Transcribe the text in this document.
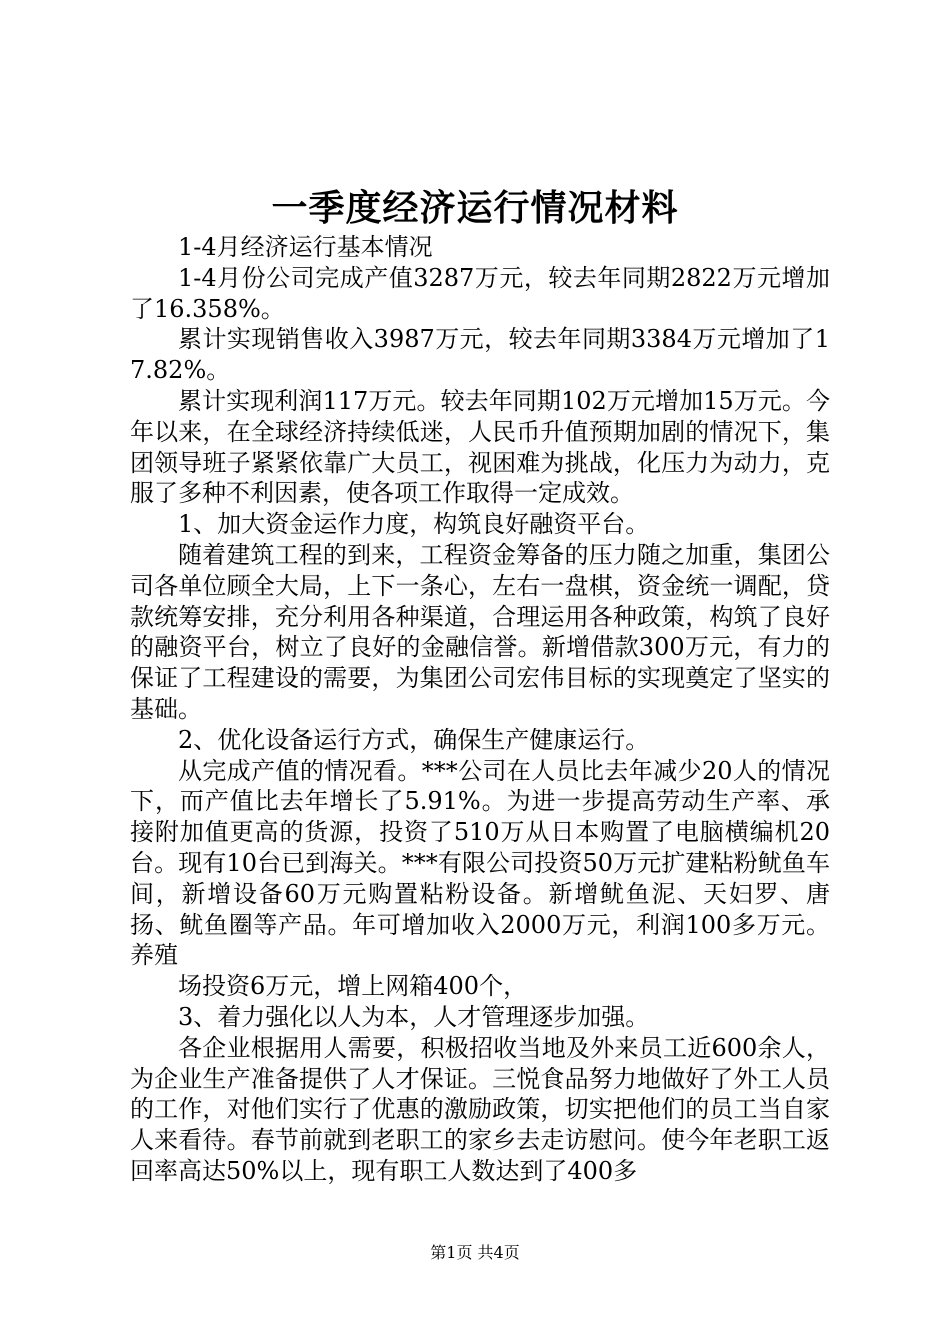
一季度经济运行情况材料

1-4月经济运行基本情况

1-4月份公司完成产值3287万元，较去年同期2822万元增加了16.358%。

累计实现销售收入3987万元，较去年同期3384万元增加了17.82%。

累计实现利润117万元。较去年同期102万元增加15万元。今年以来，在全球经济持续低迷，人民币升值预期加剧的情况下，集团领导班子紧紧依靠广大员工，视困难为挑战，化压力为动力，克服了多种不利因素，使各项工作取得一定成效。

1、加大资金运作力度，构筑良好融资平台。

随着建筑工程的到来，工程资金筹备的压力随之加重，集团公司各单位顾全大局，上下一条心，左右一盘棋，资金统一调配，贷款统筹安排，充分利用各种渠道，合理运用各种政策，构筑了良好的融资平台，树立了良好的金融信誉。新增借款300万元，有力的保证了工程建设的需要，为集团公司宏伟目标的实现奠定了坚实的基础。

2、优化设备运行方式，确保生产健康运行。

从完成产值的情况看。***公司在人员比去年减少20人的情况下，而产值比去年增长了5.91%。为进一步提高劳动生产率、承接附加值更高的货源，投资了510万从日本购置了电脑横编机20台。现有10台已到海关。***有限公司投资50万元扩建粘粉鱿鱼车间，新增设备60万元购置粘粉设备。新增鱿鱼泥、天妇罗、唐扬、鱿鱼圈等产品。年可增加收入2000万元，利润100多万元。养殖

场投资6万元，增上网箱400个，

3、着力强化以人为本，人才管理逐步加强。

各企业根据用人需要，积极招收当地及外来员工近600余人，为企业生产准备提供了人才保证。三悦食品努力地做好了外工人员的工作，对他们实行了优惠的激励政策，切实把他们的员工当自家人来看待。春节前就到老职工的家乡去走访慰问。使今年老职工返回率高达50%以上，现有职工人数达到了400多

第1页 共4页
